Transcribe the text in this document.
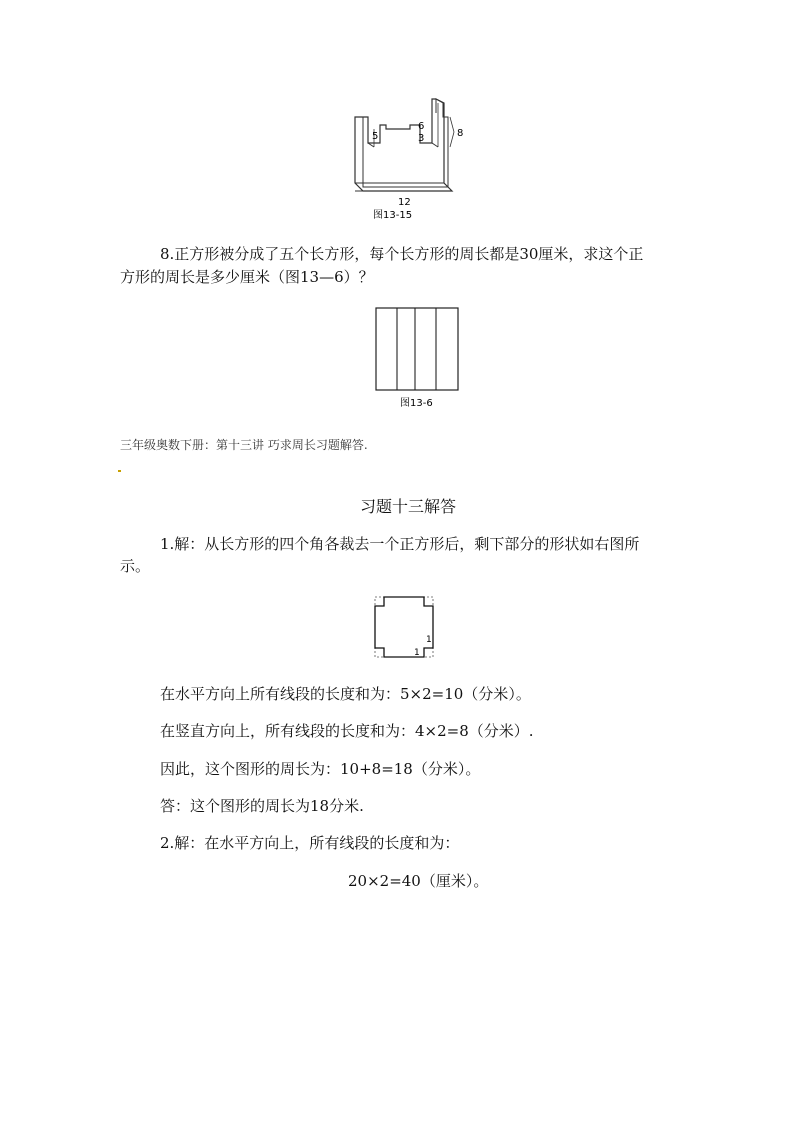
5
6
3	8
12
图13-15
8.正方形被分成了五个长方形，每个长方形的周长都是30厘米，求这个正
方形的周长是多少厘米（图13—6）？
图13-6
三年级奥数下册：第十三讲 巧求周长习题解答.
习题十三解答
1.解：从长方形的四个角各裁去一个正方形后，剩下部分的形状如右图所
示。
1
1
在水平方向上所有线段的长度和为：5×2=10（分米）。
在竖直方向上，所有线段的长度和为：4×2=8（分米）.
因此，这个图形的周长为：10+8=18（分米）。
答：这个图形的周长为18分米.
2.解：在水平方向上，所有线段的长度和为：
20×2=40（厘米）。
